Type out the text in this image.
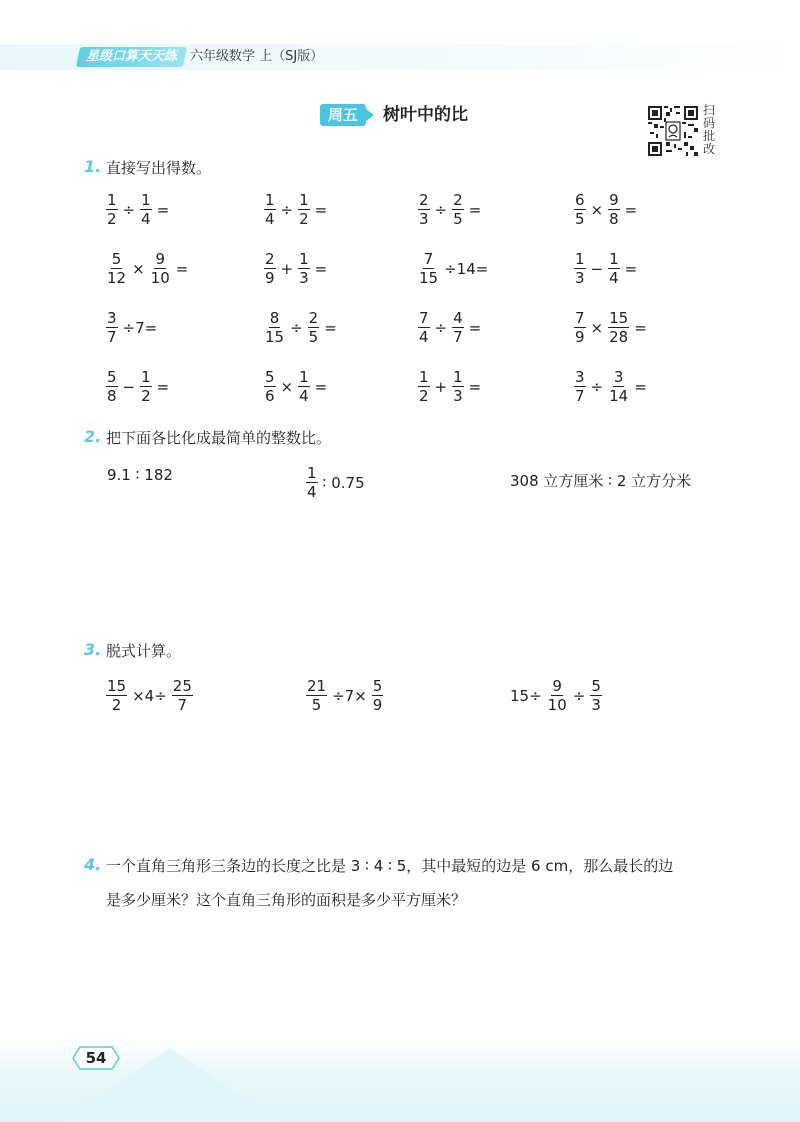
星级口算天天练 六年级数学 上（SJ版）
周五	树叶中的比	扫
码
批
改
1. 直接写出得数。
$\frac{1}{2} \div \frac{1}{4}$ =	$\frac{1}{4} \div \frac{1}{2}$ =	$\frac{2}{3} \div \frac{2}{5}$ =	$\frac{6}{5} \times \frac{9}{8}$ =
$\frac{5}{12} \times \frac{9}{10}$ =	$\frac{2}{9} + \frac{1}{3}$ =	$\frac{7}{15} \div 14=$	$\frac{1}{3} - \frac{1}{4}$ =
$\frac{3}{7} \div 7=$	$\frac{8}{15} \div \frac{2}{5}$ =	$\frac{7}{4} \div \frac{4}{7}$ =	$\frac{7}{9} \times \frac{15}{28}$ =
$\frac{5}{8} - \frac{1}{2}$ =	$\frac{5}{6} \times \frac{1}{4}$ =	$\frac{1}{2} + \frac{1}{3}$ =	$\frac{3}{7} \div \frac{3}{14}$ =
2. 把下面各比化成最简单的整数比。
9.1 ∶ 182	$\frac{1}{4}$ ∶ 0.75	308 立方厘米 ∶ 2 立方分米
3. 脱式计算。
$\frac{15}{2} \times 4\div \frac{25}{7}$	$\frac{21}{5} \div 7\times \frac{5}{9}$	$15\div \frac{9}{10} \div \frac{5}{3}$
4. 一个直角三角形三条边的长度之比是 3 ∶ 4 ∶ 5，其中最短的边是 6 cm，那么最长的边
是多少厘米？这个直角三角形的面积是多少平方厘米？
54
